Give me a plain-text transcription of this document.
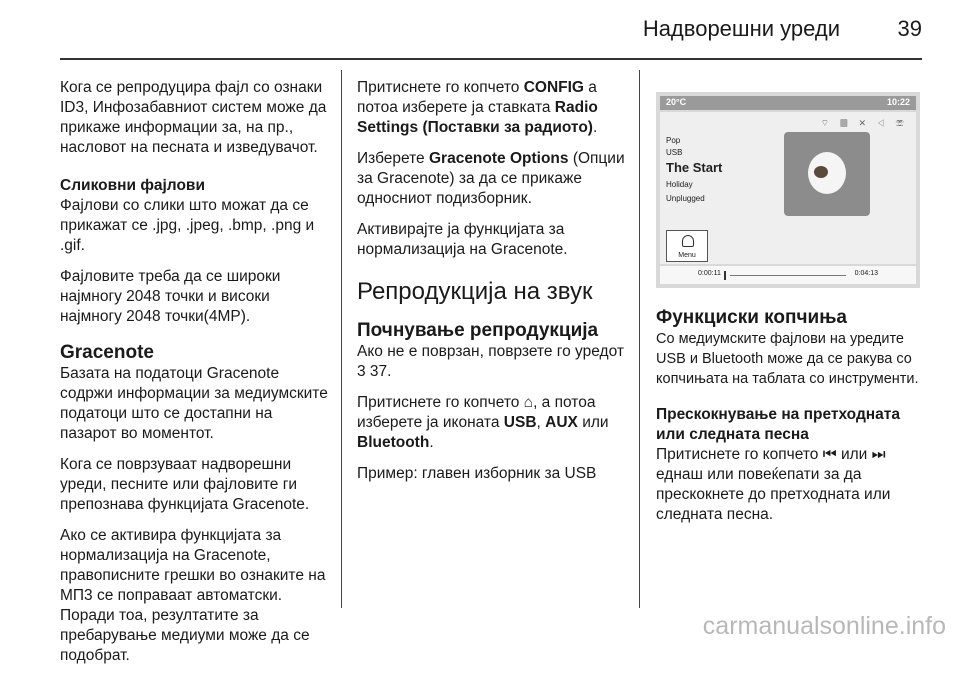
Надворешни уреди	39

Кога се репродуцира фајл со ознаки ID3, Инфозабавниот систем може да прикаже информации за, на пр., насловот на песната и изведувачот.

Сликовни фајлови
Фајлови со слики што можат да се прикажат се .jpg, .jpeg, .bmp, .png и .gif.

Фајловите треба да се широки најмногу 2048 точки и високи најмногу 2048 точки(4MP).

Gracenote

Базата на податоци Gracenote содржи информации за медиумските податоци што се достапни на пазарот во моментот.

Кога се поврзуваат надворешни уреди, песните или фајловите ги препознава функцијата Gracenote.

Ако се активира функцијата за нормализација на Gracenote, правописните грешки во ознаките на МП3 се поправаат автоматски. Поради тоа, резултатите за пребарување медиуми може да се подобрат.

Притиснете го копчето CONFIG а потоа изберете ја ставката Radio Settings (Поставки за радиото).

Изберете Gracenote Options (Опции за Gracenote) за да се прикаже односниот подизборник.

Активирајте ја функцијата за нормализација на Gracenote.

Репродукција на звук
Почнување репродукција

Ако не е поврзан, поврзете го уредот 3 37.

Притиснете го копчето ⌂, а потоа изберете ја иконата USB, AUX или Bluetooth.

Пример: главен изборник за USB

20°C	10:22
⌔ ▤ ✕ ◁ ☏
Pop
USB
The Start
Holiday
Unplugged
Menu
0:00:11	0:04:13
Функциски копчиња

Со медиумските фајлови на уредите USB и Bluetooth може да се ракува со копчињата на таблата со инструменти.

Прескокнување на претходната или следната песна
Притиснете го копчето ⏮ или ⏭ еднаш или повеќепати за да прескокнете до претходната или следната песна.

carmanualsonline.info
